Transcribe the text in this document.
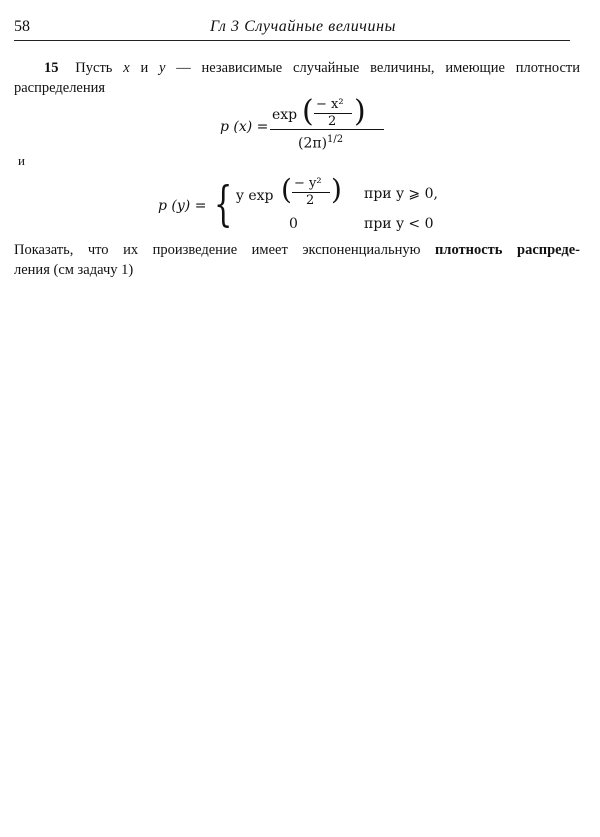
58	Гл 3 Случайные величины
15 Пусть x и y — независимые случайные величины, имеющие плотности
распределения
p (x) =
exp ( − x²
2 )
$(2\pi)^{1/2}$
и
p (y) = { y exp ( − y²
2 ) при y ⩾ 0,
0	при y < 0
Показать, что их произведение имеет экспоненциальную плотность распреде-
ления (см задачу 1)
